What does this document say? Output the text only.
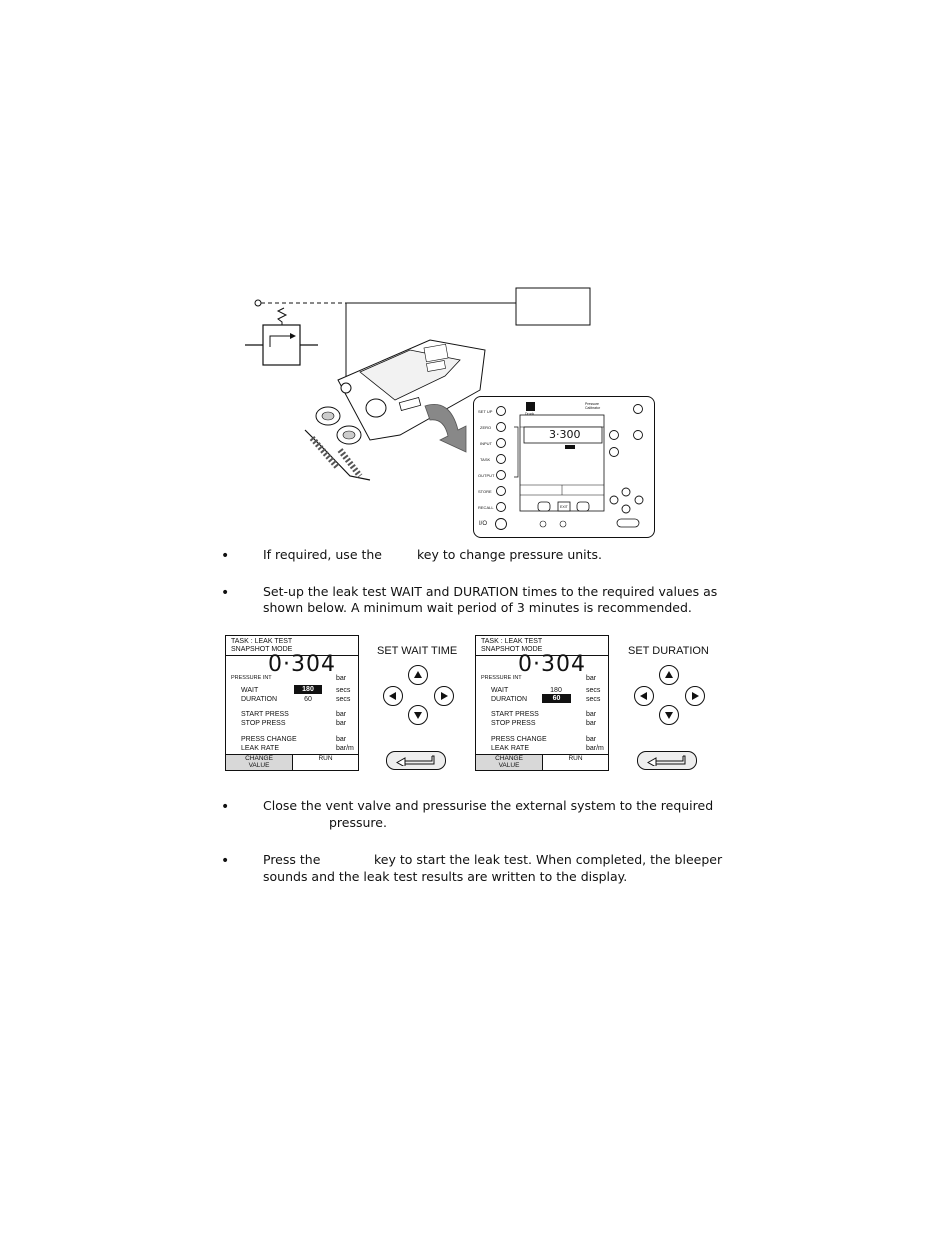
SET UP
ZERO
INPUT
TASK
OUTPUT
STORE
RECALL
I/O
Druck
Pressure Calibrator
3·300
EXIT
•	If required, use the	key to change pressure units.
•	Set-up the leak test WAIT and DURATION times to the required values as
shown below. A minimum wait period of 3 minutes is recommended.
TASK : LEAK TEST
SNAPSHOT MODE
0·304
PRESSURE INT	bar
WAIT	180	secs
DURATION	60	secs
START PRESS	bar
STOP PRESS	bar
PRESS CHANGE	bar
LEAK RATE	bar/m
CHANGE
VALUE
RUN
SET WAIT TIME
TASK : LEAK TEST
SNAPSHOT MODE
0·304
PRESSURE INT	bar
WAIT	180	secs
DURATION	60	secs
START PRESS	bar
STOP PRESS	bar
PRESS CHANGE	bar
LEAK RATE	bar/m
CHANGE
VALUE
RUN
SET DURATION
•	Close the vent valve and pressurise the external system to the required
pressure.
•	Press the	key to start the leak test. When completed, the bleeper
sounds and the leak test results are written to the display.
